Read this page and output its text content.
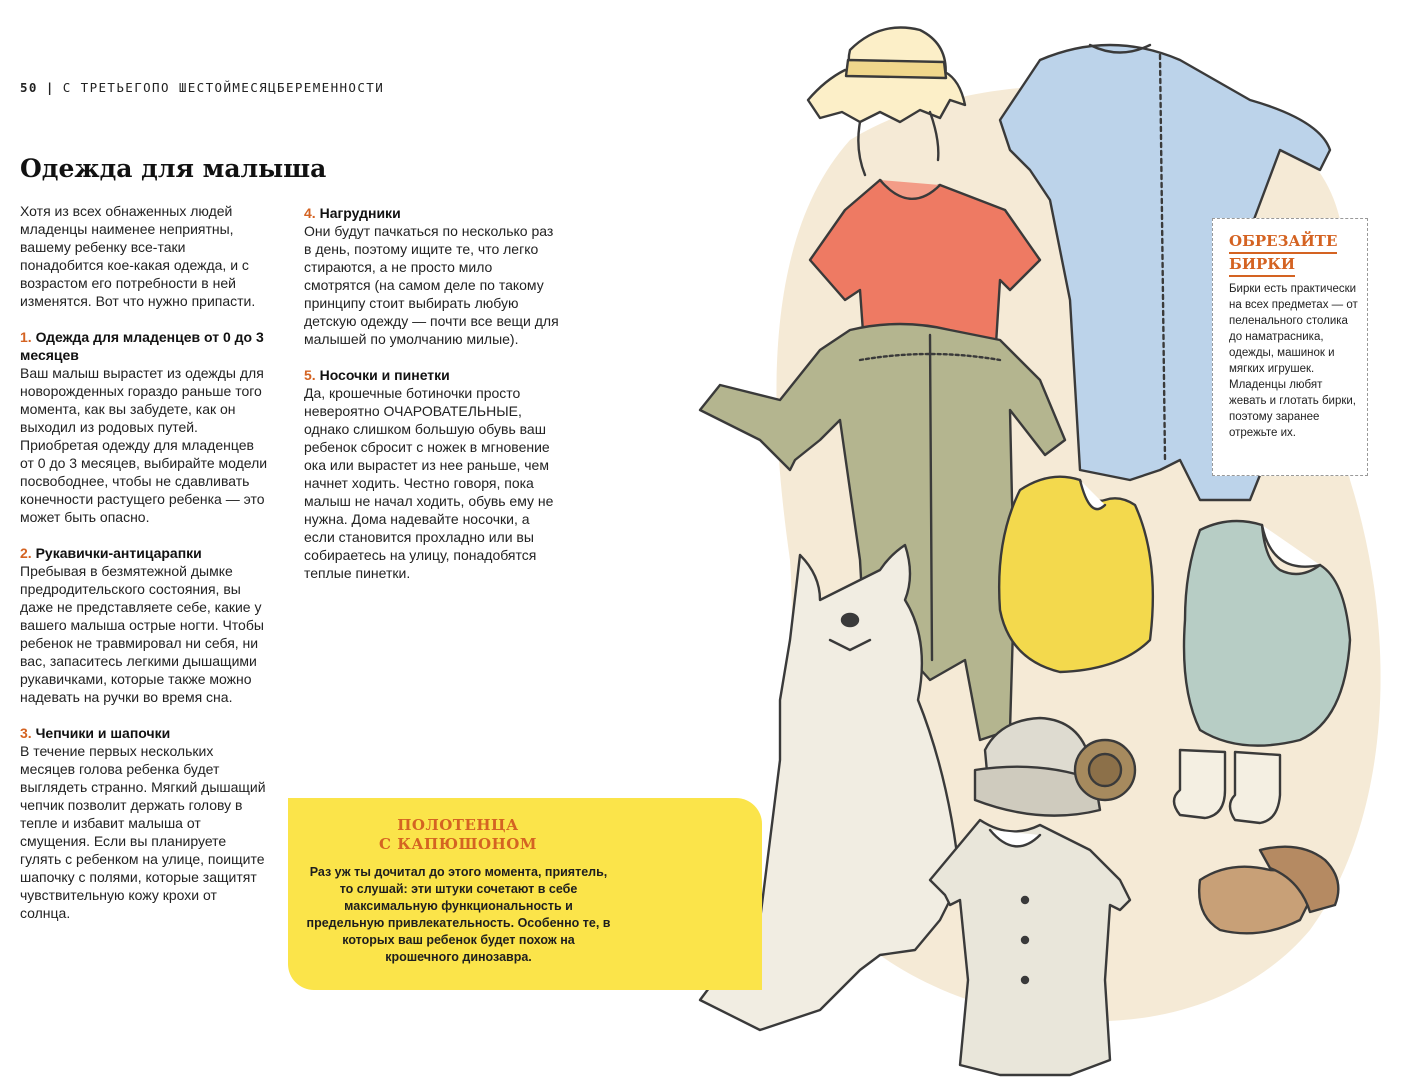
50 | С ТРЕТЬЕГОПО ШЕСТОЙМЕСЯЦБЕРЕМЕННОСТИ
Одежда для малыша

Хотя из всех обнаженных людей младенцы наименее неприятны, вашему ребенку все-таки понадобится кое-какая одежда, и с возрастом его потребности в ней изменятся. Вот что нужно припасти.

1. Одежда для младенцев от 0 до 3 месяцев

Ваш малыш вырастет из одежды для новорожденных гораздо раньше того момента, как вы забудете, как он выходил из родовых путей. Приобретая одежду для младенцев от 0 до 3 месяцев, выбирайте модели посвободнее, чтобы не сдавливать конечности растущего ребенка — это может быть опасно.

2. Рукавички-антицарапки

Пребывая в безмятежной дымке предродительского состояния, вы даже не представляете себе, какие у вашего малыша острые ногти. Чтобы ребенок не травмировал ни себя, ни вас, запаситесь легкими дышащими рукавичками, которые также можно надевать на ручки во время сна.

3. Чепчики и шапочки

В течение первых нескольких месяцев голова ребенка будет выглядеть странно. Мягкий дышащий чепчик позволит держать голову в тепле и избавит малыша от смущения. Если вы планируете гулять с ребенком на улице, поищите шапочку с полями, которые защитят чувствительную кожу крохи от солнца.

4. Нагрудники

Они будут пачкаться по несколько раз в день, поэтому ищите те, что легко стираются, а не просто мило смотрятся (на самом деле по такому принципу стоит выбирать любую детскую одежду — почти все вещи для малышей по умолчанию милые).

5. Носочки и пинетки

Да, крошечные ботиночки просто невероятно ОЧАРОВАТЕЛЬНЫЕ, однако слишком большую обувь ваш ребенок сбросит с ножек в мгновение ока или вырастет из нее раньше, чем начнет ходить. Честно говоря, пока малыш не начал ходить, обувь ему не нужна. Дома надевайте носочки, а если становится прохладно или вы собираетесь на улицу, понадобятся теплые пинетки.

ПОЛОТЕНЦА
С КАПЮШОНОМ
Раз уж ты дочитал до этого момента, приятель, то слушай: эти штуки сочетают в себе максимальную функциональность и предельную привлекательность. Особенно те, в которых ваш ребенок будет похож на крошечного динозавра.
ОБРЕЗАЙТЕ
БИРКИ
Бирки есть практически на всех предметах — от пеленального столика до наматрасника, одежды, машинок и мягких игрушек. Младенцы любят жевать и глотать бирки, поэтому заранее отрежьте их.
